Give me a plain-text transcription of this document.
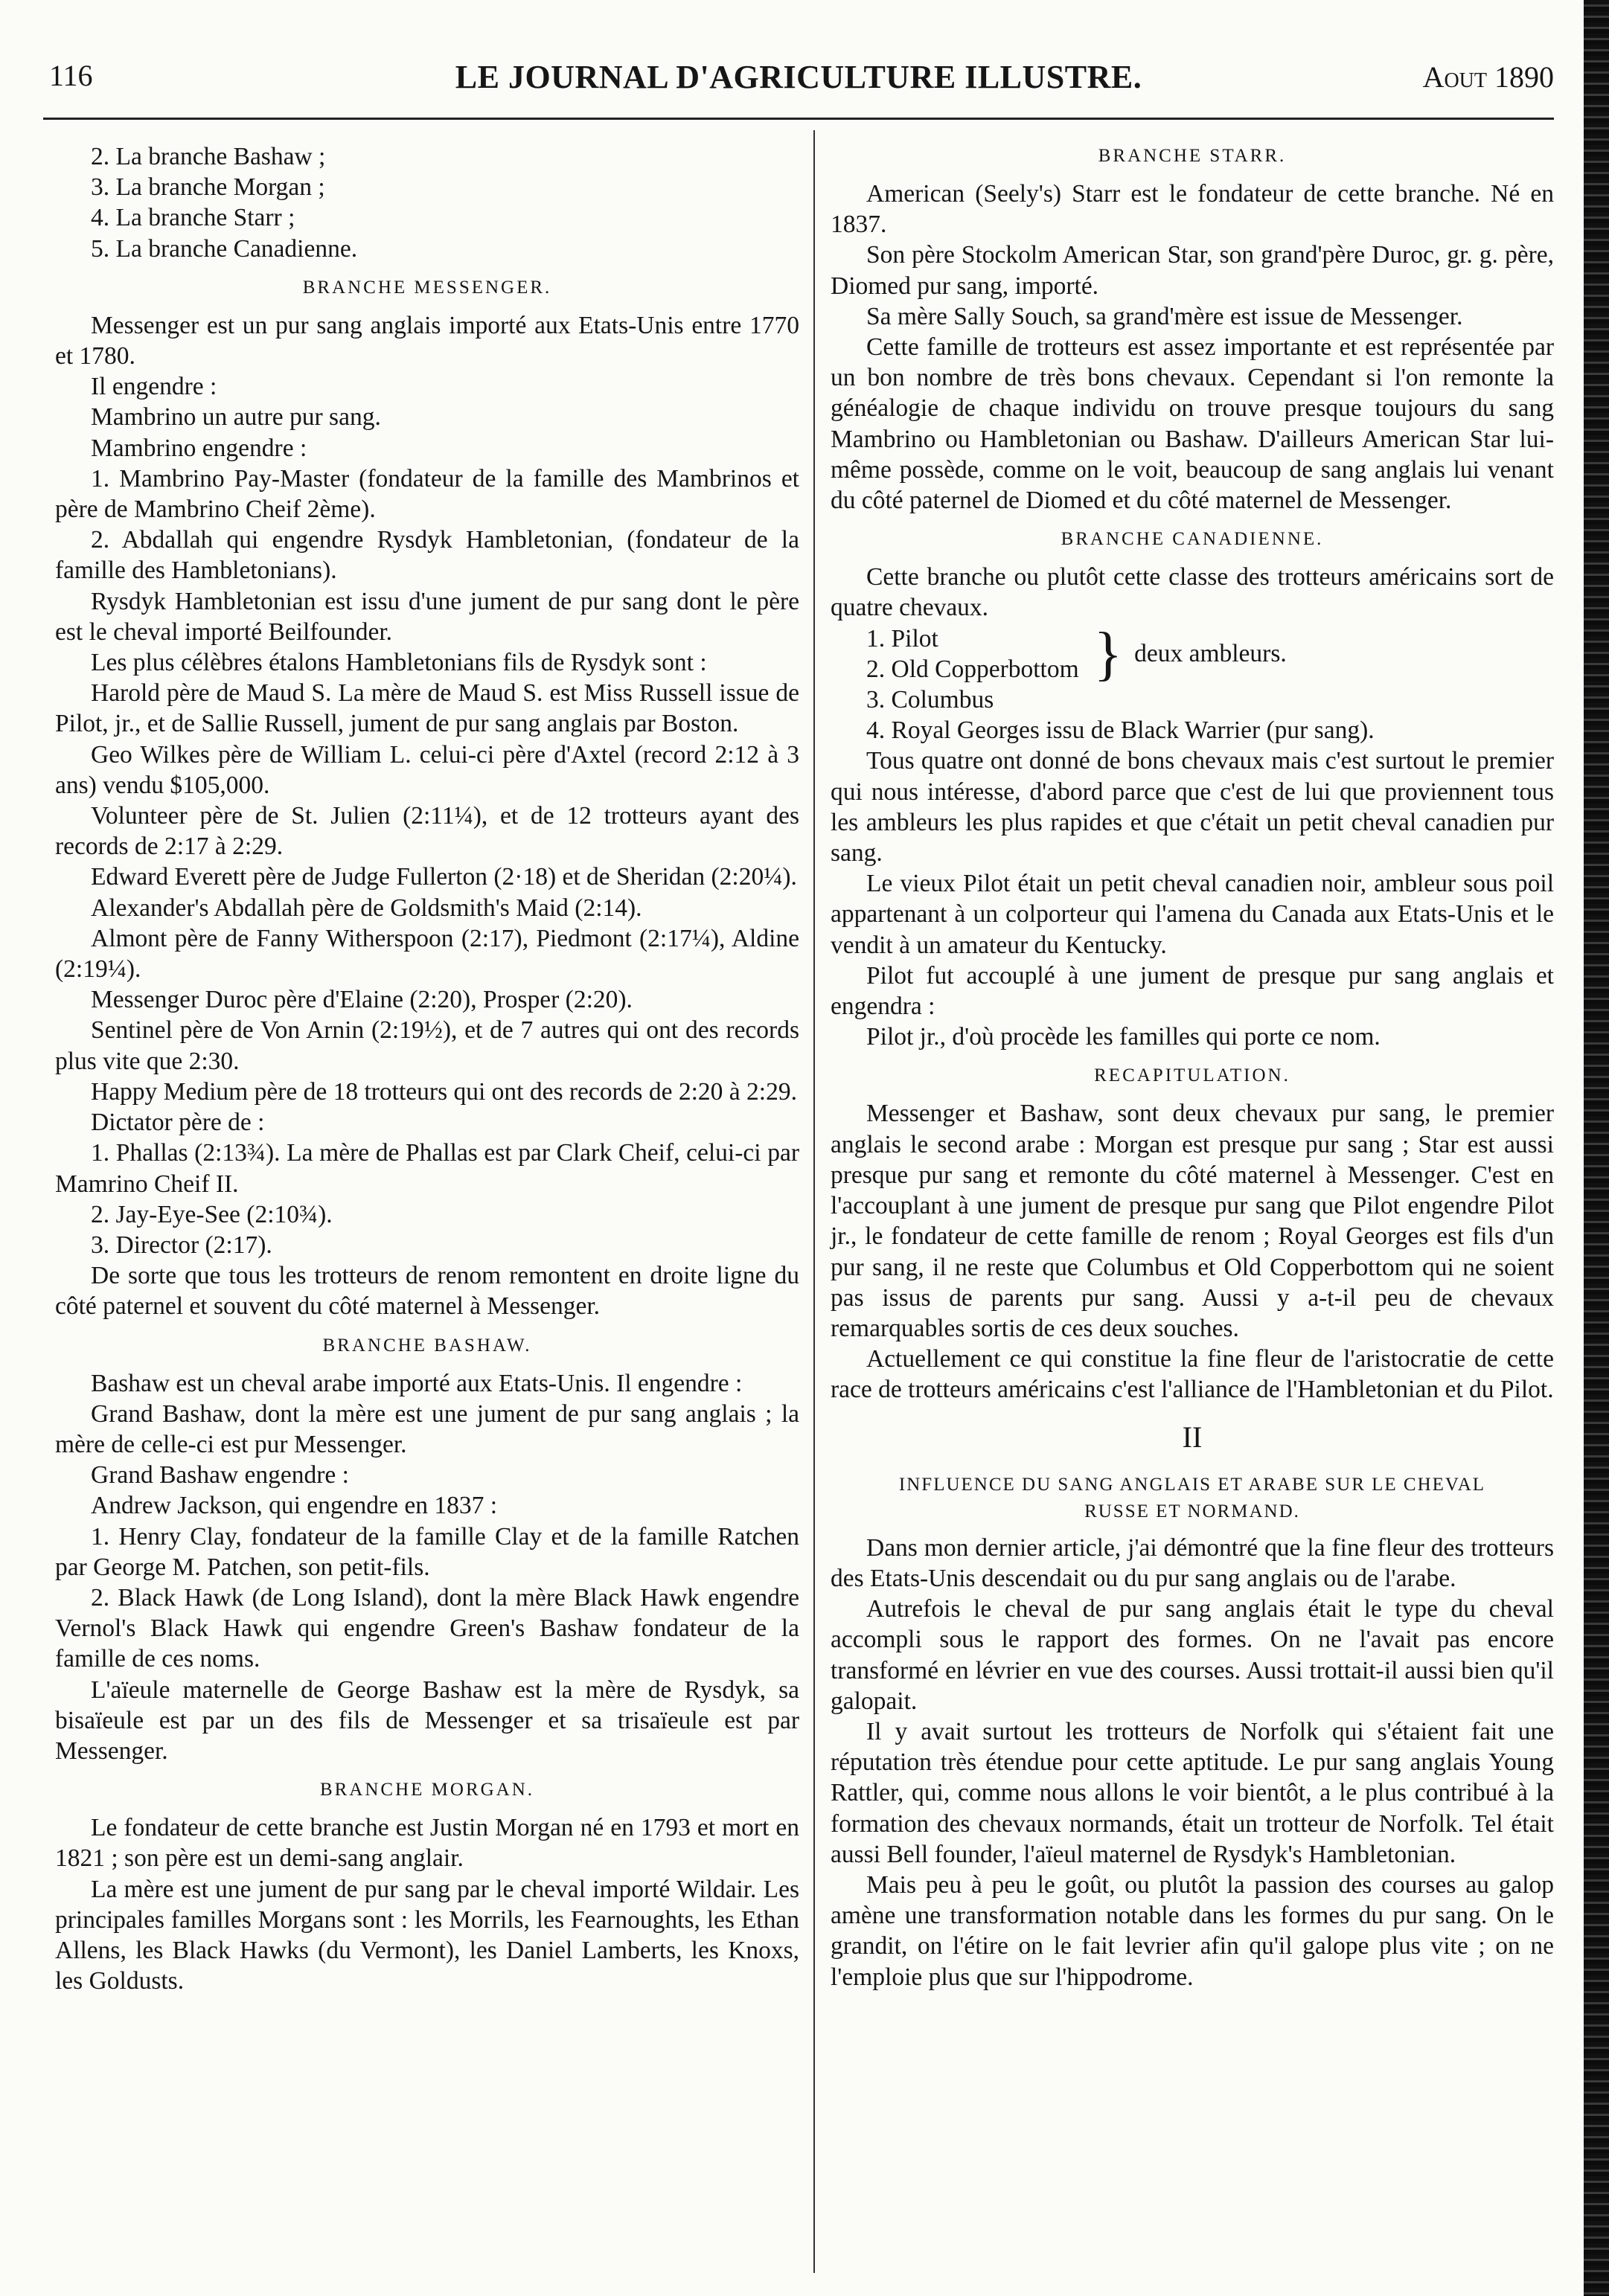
116	LE JOURNAL D'AGRICULTURE ILLUSTRE.	Aout 1890

2. La branche Bashaw ;

3. La branche Morgan ;

4. La branche Starr ;

5. La branche Canadienne.

BRANCHE MESSENGER.

Messenger est un pur sang anglais importé aux Etats-Unis entre 1770 et 1780.

Il engendre :

Mambrino un autre pur sang.

Mambrino engendre :

1. Mambrino Pay-Master (fondateur de la famille des Mambrinos et père de Mambrino Cheif 2ème).

2. Abdallah qui engendre Rysdyk Hambletonian, (fondateur de la famille des Hambletonians).

Rysdyk Hambletonian est issu d'une jument de pur sang dont le père est le cheval importé Beilfounder.

Les plus célèbres étalons Hambletonians fils de Rysdyk sont :

Harold père de Maud S. La mère de Maud S. est Miss Russell issue de Pilot, jr., et de Sallie Russell, jument de pur sang anglais par Boston.

Geo Wilkes père de William L. celui-ci père d'Axtel (record 2:12 à 3 ans) vendu $105,000.

Volunteer père de St. Julien (2:11¼), et de 12 trotteurs ayant des records de 2:17 à 2:29.

Edward Everett père de Judge Fullerton (2·18) et de Sheridan (2:20¼).

Alexander's Abdallah père de Goldsmith's Maid (2:14).

Almont père de Fanny Witherspoon (2:17), Piedmont (2:17¼), Aldine (2:19¼).

Messenger Duroc père d'Elaine (2:20), Prosper (2:20).

Sentinel père de Von Arnin (2:19½), et de 7 autres qui ont des records plus vite que 2:30.

Happy Medium père de 18 trotteurs qui ont des records de 2:20 à 2:29.

Dictator père de :

1. Phallas (2:13¾). La mère de Phallas est par Clark Cheif, celui-ci par Mamrino Cheif II.

2. Jay-Eye-See (2:10¾).

3. Director (2:17).

De sorte que tous les trotteurs de renom remontent en droite ligne du côté paternel et souvent du côté maternel à Messenger.

BRANCHE BASHAW.

Bashaw est un cheval arabe importé aux Etats-Unis. Il engendre :

Grand Bashaw, dont la mère est une jument de pur sang anglais ; la mère de celle-ci est pur Messenger.

Grand Bashaw engendre :

Andrew Jackson, qui engendre en 1837 :

1. Henry Clay, fondateur de la famille Clay et de la famille Ratchen par George M. Patchen, son petit-fils.

2. Black Hawk (de Long Island), dont la mère Black Hawk engendre Vernol's Black Hawk qui engendre Green's Bashaw fondateur de la famille de ces noms.

L'aïeule maternelle de George Bashaw est la mère de Rysdyk, sa bisaïeule est par un des fils de Messenger et sa trisaïeule est par Messenger.

BRANCHE MORGAN.

Le fondateur de cette branche est Justin Morgan né en 1793 et mort en 1821 ; son père est un demi-sang anglair.

La mère est une jument de pur sang par le cheval importé Wildair. Les principales familles Morgans sont : les Morrils, les Fearnoughts, les Ethan Allens, les Black Hawks (du Vermont), les Daniel Lamberts, les Knoxs, les Goldusts.

BRANCHE STARR.

American (Seely's) Starr est le fondateur de cette branche. Né en 1837.

Son père Stockolm American Star, son grand'père Duroc, gr. g. père, Diomed pur sang, importé.

Sa mère Sally Souch, sa grand'mère est issue de Messenger.

Cette famille de trotteurs est assez importante et est représentée par un bon nombre de très bons chevaux. Cependant si l'on remonte la généalogie de chaque individu on trouve presque toujours du sang Mambrino ou Hambletonian ou Bashaw. D'ailleurs American Star lui-même possède, comme on le voit, beaucoup de sang anglais lui venant du côté paternel de Diomed et du côté maternel de Messenger.

BRANCHE CANADIENNE.

Cette branche ou plutôt cette classe des trotteurs américains sort de quatre chevaux.

1. Pilot
2. Old Copperbottom } deux ambleurs.

3. Columbus

4. Royal Georges issu de Black Warrier (pur sang).

Tous quatre ont donné de bons chevaux mais c'est surtout le premier qui nous intéresse, d'abord parce que c'est de lui que proviennent tous les ambleurs les plus rapides et que c'était un petit cheval canadien pur sang.

Le vieux Pilot était un petit cheval canadien noir, ambleur sous poil appartenant à un colporteur qui l'amena du Canada aux Etats-Unis et le vendit à un amateur du Kentucky.

Pilot fut accouplé à une jument de presque pur sang anglais et engendra :

Pilot jr., d'où procède les familles qui porte ce nom.

RECAPITULATION.

Messenger et Bashaw, sont deux chevaux pur sang, le premier anglais le second arabe : Morgan est presque pur sang ; Star est aussi presque pur sang et remonte du côté maternel à Messenger. C'est en l'accouplant à une jument de presque pur sang que Pilot engendre Pilot jr., le fondateur de cette famille de renom ; Royal Georges est fils d'un pur sang, il ne reste que Columbus et Old Copperbottom qui ne soient pas issus de parents pur sang. Aussi y a-t-il peu de chevaux remarquables sortis de ces deux souches.

Actuellement ce qui constitue la fine fleur de l'aristocratie de cette race de trotteurs américains c'est l'alliance de l'Hambletonian et du Pilot.

II
INFLUENCE DU SANG ANGLAIS ET ARABE SUR LE CHEVAL RUSSE ET NORMAND.

Dans mon dernier article, j'ai démontré que la fine fleur des trotteurs des Etats-Unis descendait ou du pur sang anglais ou de l'arabe.

Autrefois le cheval de pur sang anglais était le type du cheval accompli sous le rapport des formes. On ne l'avait pas encore transformé en lévrier en vue des courses. Aussi trottait-il aussi bien qu'il galopait.

Il y avait surtout les trotteurs de Norfolk qui s'étaient fait une réputation très étendue pour cette aptitude. Le pur sang anglais Young Rattler, qui, comme nous allons le voir bientôt, a le plus contribué à la formation des chevaux normands, était un trotteur de Norfolk. Tel était aussi Bell founder, l'aïeul maternel de Rysdyk's Hambletonian.

Mais peu à peu le goût, ou plutôt la passion des courses au galop amène une transformation notable dans les formes du pur sang. On le grandit, on l'étire on le fait levrier afin qu'il galope plus vite ; on ne l'emploie plus que sur l'hippodrome.
